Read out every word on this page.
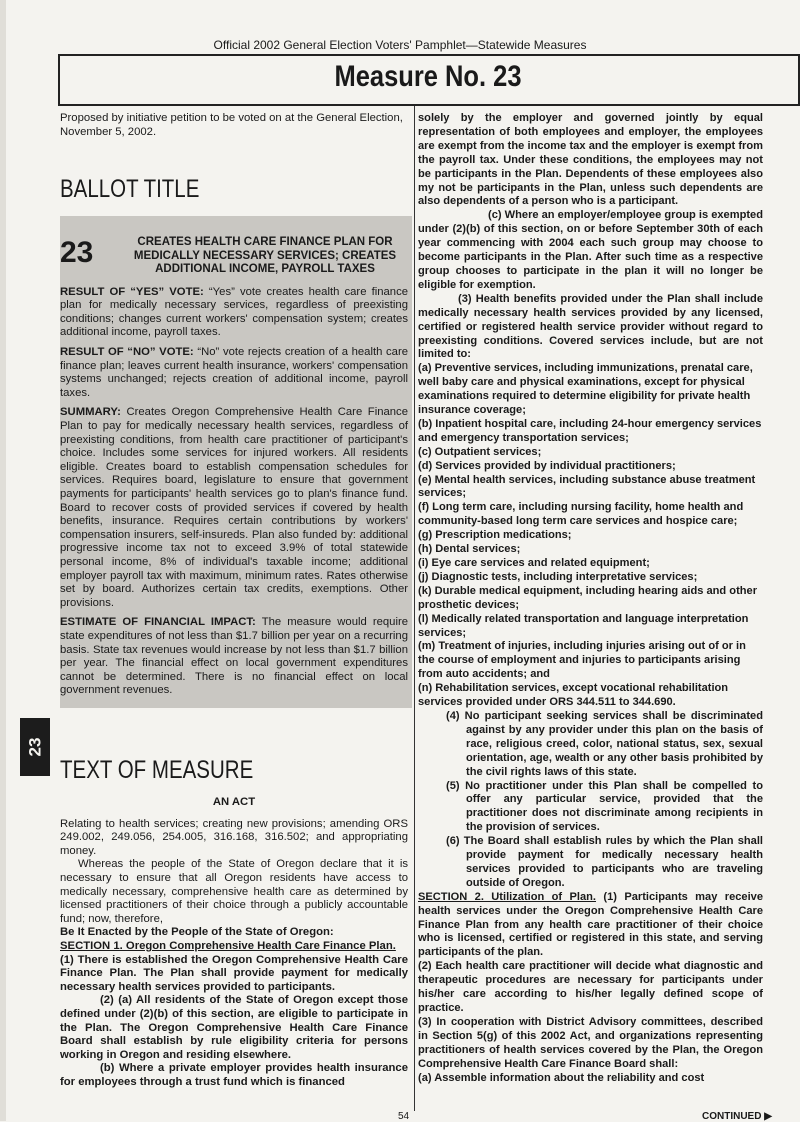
Official 2002 General Election Voters' Pamphlet—Statewide Measures
Measure No. 23
23

Proposed by initiative petition to be voted on at the General Election, November 5, 2002.

BALLOT TITLE
23	CREATES HEALTH CARE FINANCE PLAN FOR MEDICALLY NECESSARY SERVICES; CREATES ADDITIONAL INCOME, PAYROLL TAXES

RESULT OF “YES” VOTE: “Yes” vote creates health care finance plan for medically necessary services, regardless of preexisting conditions; changes current workers' compensation system; creates additional income, payroll taxes.

RESULT OF “NO” VOTE: “No” vote rejects creation of a health care finance plan; leaves current health insurance, workers' compensation systems unchanged; rejects creation of additional income, payroll taxes.

SUMMARY: Creates Oregon Comprehensive Health Care Finance Plan to pay for medically necessary health services, regardless of preexisting conditions, from health care practitioner of participant's choice. Includes some services for injured workers. All residents eligible. Creates board to establish compensation schedules for services. Requires board, legislature to ensure that government payments for participants' health services go to plan's finance fund. Board to recover costs of provided services if covered by health benefits, insurance. Requires certain contributions by workers' compensation insurers, self-insureds. Plan also funded by: additional progressive income tax not to exceed 3.9% of total statewide personal income, 8% of individual's taxable income; additional employer payroll tax with maximum, minimum rates. Rates otherwise set by board. Authorizes certain tax credits, exemptions. Other provisions.

ESTIMATE OF FINANCIAL IMPACT: The measure would require state expenditures of not less than $1.7 billion per year on a recurring basis. State tax revenues would increase by not less than $1.7 billion per year. The financial effect on local government expenditures cannot be determined. There is no financial effect on local government revenues.

TEXT OF MEASURE

AN ACT

Relating to health services; creating new provisions; amending ORS 249.002, 249.056, 254.005, 316.168, 316.502; and appropriating money.

Whereas the people of the State of Oregon declare that it is necessary to ensure that all Oregon residents have access to medically necessary, comprehensive health care as determined by licensed practitioners of their choice through a publicly accountable fund; now, therefore,

Be It Enacted by the People of the State of Oregon:

SECTION 1. Oregon Comprehensive Health Care Finance Plan.

(1) There is established the Oregon Comprehensive Health Care Finance Plan. The Plan shall provide payment for medically necessary health services provided to participants.

(2) (a) All residents of the State of Oregon except those defined under (2)(b) of this section, are eligible to participate in the Plan. The Oregon Comprehensive Health Care Finance Board shall establish by rule eligibility criteria for persons working in Oregon and residing elsewhere.

(b) Where a private employer provides health insurance for employees through a trust fund which is financed

solely by the employer and governed jointly by equal representation of both employees and employer, the employees are exempt from the income tax and the employer is exempt from the payroll tax. Under these conditions, the employees may not be participants in the Plan. Dependents of these employees also my not be participants in the Plan, unless such dependents are also dependents of a person who is a participant.

(c) Where an employer/employee group is exempted under (2)(b) of this section, on or before September 30th of each year commencing with 2004 each such group may choose to become participants in the Plan. After such time as a respective group chooses to participate in the plan it will no longer be eligible for exemption.

(3) Health benefits provided under the Plan shall include medically necessary health services provided by any licensed, certified or registered health service provider without regard to preexisting conditions. Covered services include, but are not limited to:

(a) Preventive services, including immunizations, prenatal care, well baby care and physical examinations, except for physical examinations required to determine eligibility for private health insurance coverage;

(b) Inpatient hospital care, including 24-hour emergency services and emergency transportation services;

(c) Outpatient services;

(d) Services provided by individual practitioners;

(e) Mental health services, including substance abuse treatment services;

(f) Long term care, including nursing facility, home health and community-based long term care services and hospice care;

(g) Prescription medications;

(h) Dental services;

(i) Eye care services and related equipment;

(j) Diagnostic tests, including interpretative services;

(k) Durable medical equipment, including hearing aids and other prosthetic devices;

(l) Medically related transportation and language interpretation services;

(m) Treatment of injuries, including injuries arising out of or in the course of employment and injuries to participants arising from auto accidents; and

(n) Rehabilitation services, except vocational rehabilitation services provided under ORS 344.511 to 344.690.

(4) No participant seeking services shall be discriminated against by any provider under this plan on the basis of race, religious creed, color, national status, sex, sexual orientation, age, wealth or any other basis prohibited by the civil rights laws of this state.

(5) No practitioner under this Plan shall be compelled to offer any particular service, provided that the practitioner does not discriminate among recipients in the provision of services.

(6) The Board shall establish rules by which the Plan shall provide payment for medically necessary health services provided to participants who are traveling outside of Oregon.

SECTION 2. Utilization of Plan. (1) Participants may receive health services under the Oregon Comprehensive Health Care Finance Plan from any health care practitioner of their choice who is licensed, certified or registered in this state, and serving participants of the plan.

(2) Each health care practitioner will decide what diagnostic and therapeutic procedures are necessary for participants under his/her care according to his/her legally defined scope of practice.

(3) In cooperation with District Advisory committees, described in Section 5(g) of this 2002 Act, and organizations representing practitioners of health services covered by the Plan, the Oregon Comprehensive Health Care Finance Board shall:

(a) Assemble information about the reliability and cost

54	CONTINUED ▶
